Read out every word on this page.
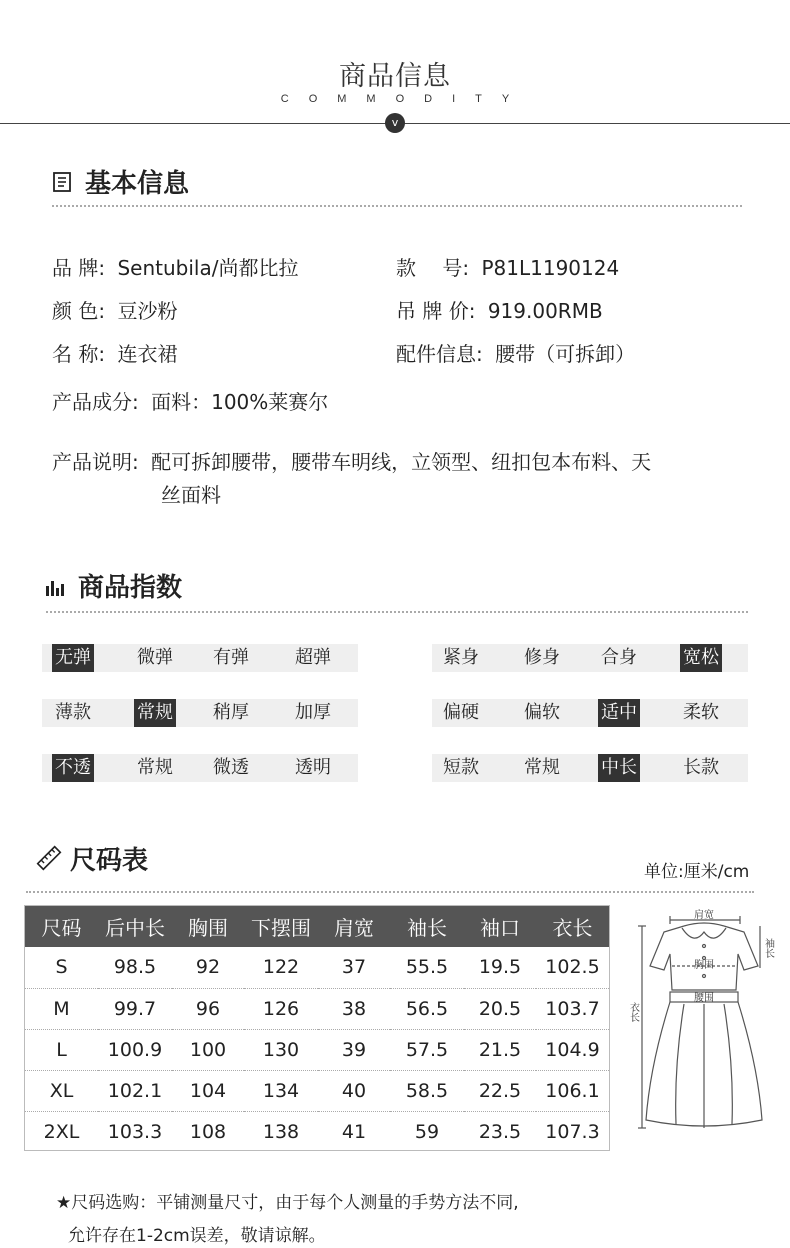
商品信息
COMMODITY
v
基本信息
品 牌: Sentubila/尚都比拉	款　 号: P81L1190124
颜 色: 豆沙粉	吊 牌 价: 919.00RMB
名 称: 连衣裙	配件信息: 腰带（可拆卸）
产品成分: 面料：100%莱赛尔
产品说明: 配可拆卸腰带，腰带车明线，立领型、纽扣包本布料、天
丝面料
商品指数
无弹	微弹 有弹	超弹	紧身	修身 合身	宽松
薄款	常规 稍厚	加厚	偏硬	偏软 适中	柔软
不透	常规 微透	透明	短款	常规 中长	长款
尺码表	单位:厘米/cm
尺码	后中长	胸围	下摆围	肩宽	袖长	袖口	衣长
S	98.5	92	122	37	55.5	19.5	102.5
M	99.7	96	126	38	56.5	20.5	103.7
L	100.9	100	130	39	57.5	21.5	104.9
XL	102.1	104	134	40	58.5	22.5	106.1
2XL	103.3	108	138	41	59	23.5	107.3
肩宽
胸围
腰围
袖长
衣长
★尺码选购：平铺测量尺寸，由于每个人测量的手势方法不同,
允许存在1-2cm误差，敬请谅解。
